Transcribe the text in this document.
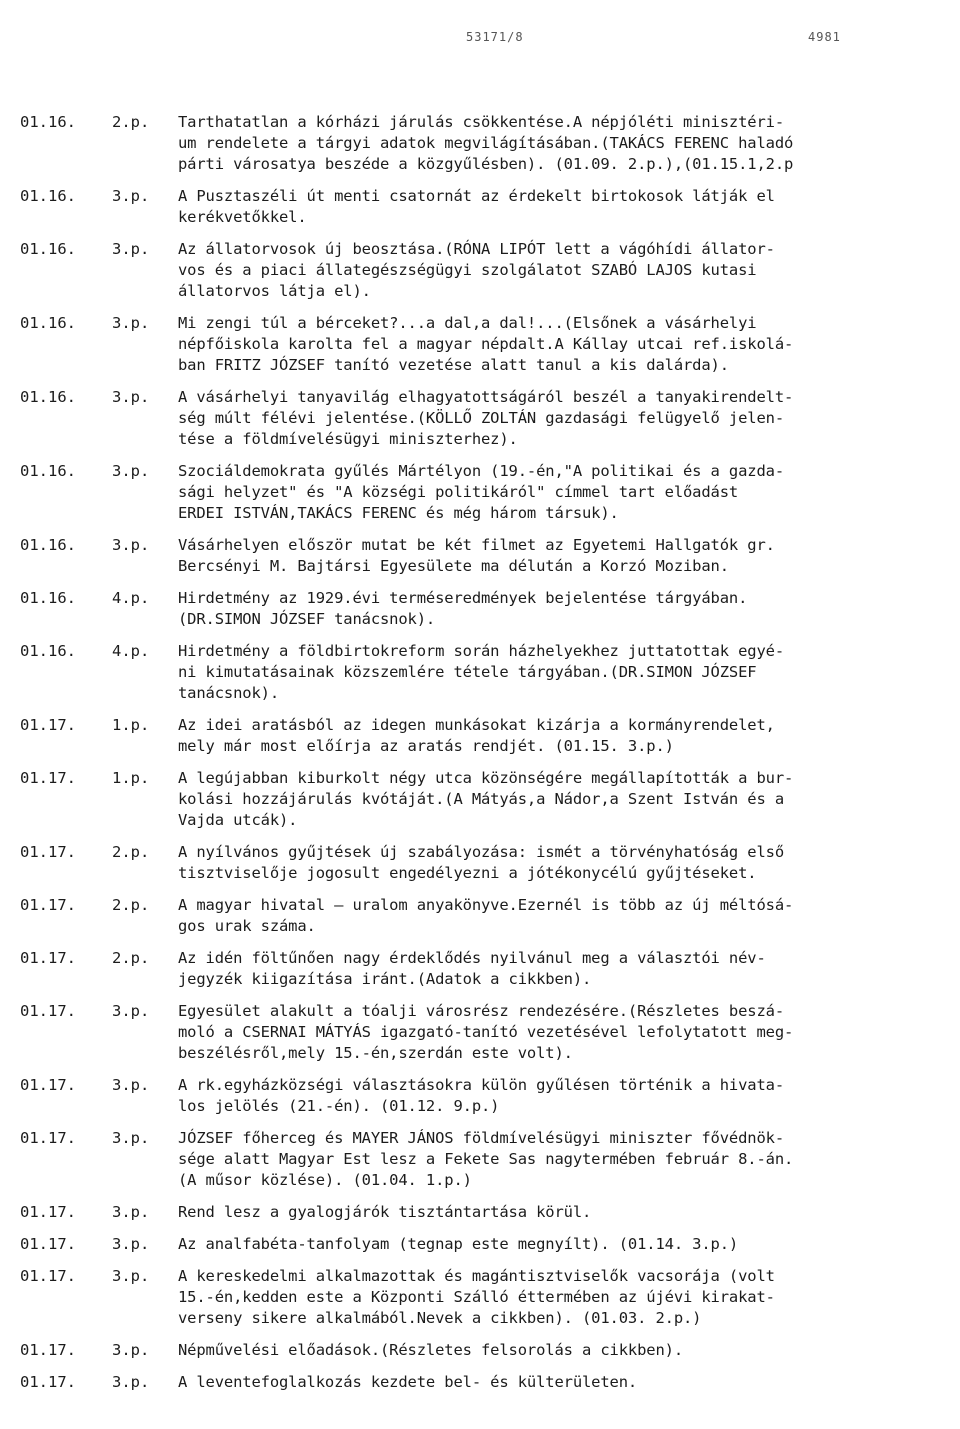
53171/8	4981
01.16.	2.p.	Tarthatatlan a kórházi járulás csökkentése.A népjóléti minisztéri-
um rendelete a tárgyi adatok megvilágításában.(TAKÁCS FERENC haladó
párti városatya beszéde a közgyűlésben). (01.09. 2.p.),(01.15.1,2.p
01.16.	3.p.	A Pusztaszéli út menti csatornát az érdekelt birtokosok látják el
kerékvetőkkel.
01.16.	3.p.	Az állatorvosok új beosztása.(RÓNA LIPÓT lett a vágóhídi állator-
vos és a piaci állategészségügyi szolgálatot SZABÓ LAJOS kutasi
állatorvos látja el).
01.16.	3.p.	Mi zengi túl a bérceket?...a dal,a dal!...(Elsőnek a vásárhelyi
népfőiskola karolta fel a magyar népdalt.A Kállay utcai ref.iskolá-
ban FRITZ JÓZSEF tanító vezetése alatt tanul a kis dalárda).
01.16.	3.p.	A vásárhelyi tanyavilág elhagyatottságáról beszél a tanyakirendelt-
ség múlt félévi jelentése.(KÖLLŐ ZOLTÁN gazdasági felügyelő jelen-
tése a földmívelésügyi miniszterhez).
01.16.	3.p.	Szociáldemokrata gyűlés Mártélyon (19.-én,"A politikai és a gazda-
sági helyzet" és "A községi politikáról" címmel tart előadást
ERDEI ISTVÁN,TAKÁCS FERENC és még három társuk).
01.16.	3.p.	Vásárhelyen először mutat be két filmet az Egyetemi Hallgatók gr.
Bercsényi M. Bajtársi Egyesülete ma délután a Korzó Moziban.
01.16.	4.p.	Hirdetmény az 1929.évi terméseredmények bejelentése tárgyában.
(DR.SIMON JÓZSEF tanácsnok).
01.16.	4.p.	Hirdetmény a földbirtokreform során házhelyekhez juttatottak egyé-
ni kimutatásainak közszemlére tétele tárgyában.(DR.SIMON JÓZSEF
tanácsnok).
01.17.	1.p.	Az idei aratásból az idegen munkásokat kizárja a kormányrendelet,
mely már most előírja az aratás rendjét. (01.15. 3.p.)
01.17.	1.p.	A legújabban kiburkolt négy utca közönségére megállapították a bur-
kolási hozzájárulás kvótáját.(A Mátyás,a Nádor,a Szent István és a
Vajda utcák).
01.17.	2.p.	A nyílvános gyűjtések új szabályozása: ismét a törvényhatóság első
tisztviselője jogosult engedélyezni a jótékonycélú gyűjtéseket.
01.17.	2.p.	A magyar hivatal — uralom anyakönyve.Ezernél is több az új méltósá-
gos urak száma.
01.17.	2.p.	Az idén föltűnően nagy érdeklődés nyilvánul meg a választói név-
jegyzék kiigazítása iránt.(Adatok a cikkben).
01.17.	3.p.	Egyesület alakult a tóalji városrész rendezésére.(Részletes beszá-
moló a CSERNAI MÁTYÁS igazgató-tanító vezetésével lefolytatott meg-
beszélésről,mely 15.-én,szerdán este volt).
01.17.	3.p.	A rk.egyházközségi választásokra külön gyűlésen történik a hivata-
los jelölés (21.-én). (01.12. 9.p.)
01.17.	3.p.	JÓZSEF főherceg és MAYER JÁNOS földmívelésügyi miniszter fővédnök-
sége alatt Magyar Est lesz a Fekete Sas nagytermében február 8.-án.
(A műsor közlése). (01.04. 1.p.)
01.17.	3.p.	Rend lesz a gyalogjárók tisztántartása körül.
01.17.	3.p.	Az analfabéta-tanfolyam (tegnap este megnyílt). (01.14. 3.p.)
01.17.	3.p.	A kereskedelmi alkalmazottak és magántisztviselők vacsorája (volt
15.-én,kedden este a Központi Szálló éttermében az újévi kirakat-
verseny sikere alkalmából.Nevek a cikkben). (01.03. 2.p.)
01.17.	3.p.	Népművelési előadások.(Részletes felsorolás a cikkben).
01.17.	3.p.	A leventefoglalkozás kezdete bel- és külterületen.
